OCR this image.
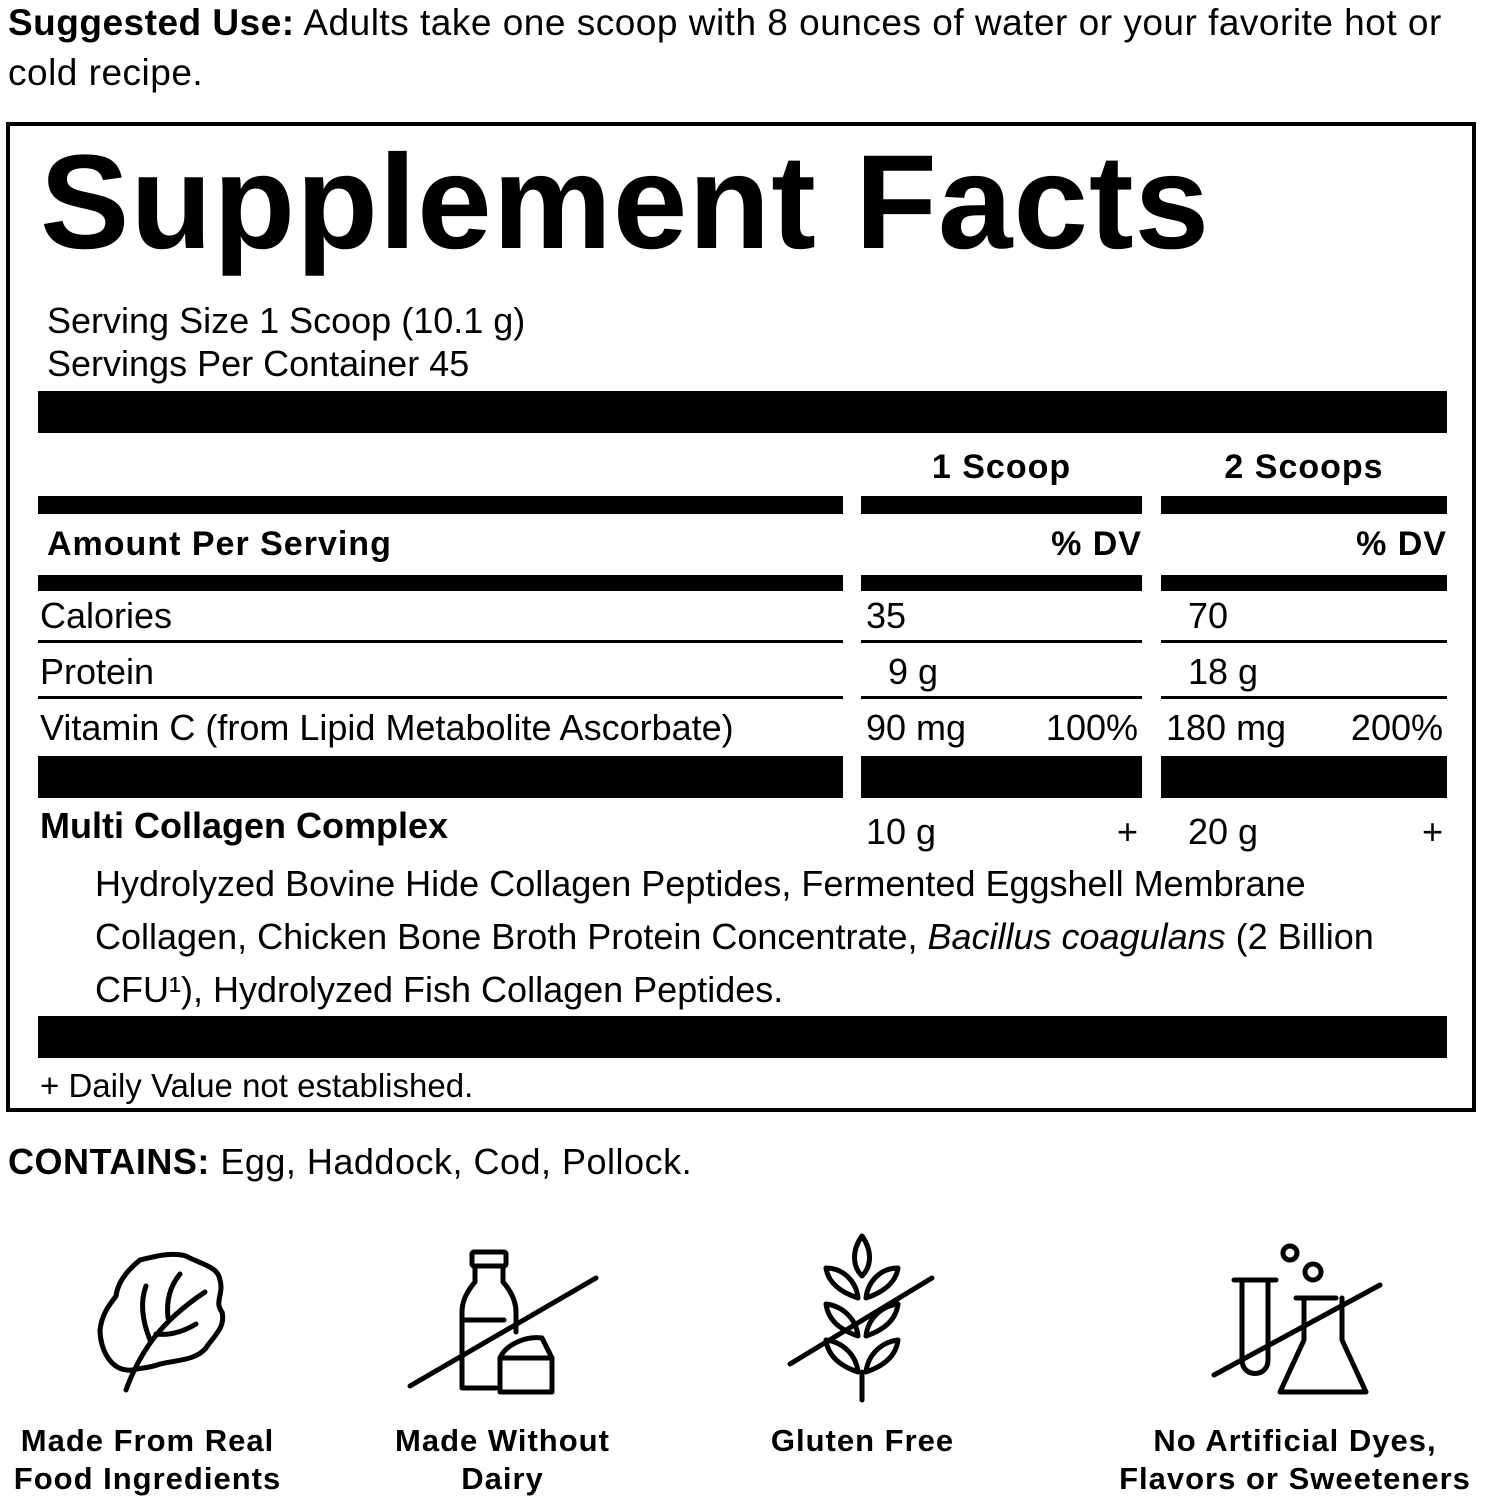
Suggested Use: Adults take one scoop with 8 ounces of water or your favorite hot or cold recipe.
Supplement Facts
Serving Size 1 Scoop (10.1 g)
Servings Per Container 45
1 Scoop	2 Scoops
Amount Per Serving	% DV	% DV
Calories	35	70
Protein	9 g	18 g
Vitamin C (from Lipid Metabolite Ascorbate)	90 mg	100% 180 mg	200%
Multi Collagen Complex	10 g	+ 20 g	+
Hydrolyzed Bovine Hide Collagen Peptides, Fermented Eggshell Membrane Collagen, Chicken Bone Broth Protein Concentrate, Bacillus coagulans (2 Billion CFU¹), Hydrolyzed Fish Collagen Peptides.
+ Daily Value not established.
CONTAINS: Egg, Haddock, Cod, Pollock.
Made From Real
Food Ingredients
Made Without
Dairy
Gluten Free	No Artificial Dyes,
Flavors or Sweeteners
